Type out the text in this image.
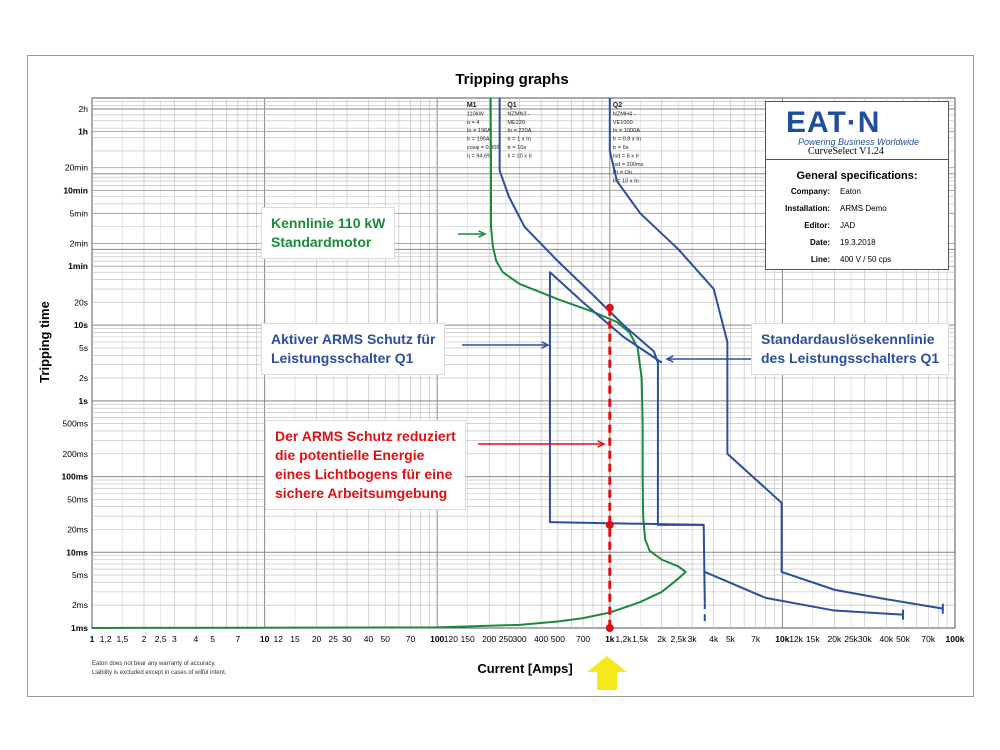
Tripping graphs
1 1,2 1,5 2 2,5 3 4 5 7 10 12 15 20 25 30 40 50 70 100 120 150 200 250 300 400 500 700 1k 1,2k 1,5k 2k 2,5k 3k 4k 5k 7k 10k 12k 15k 20k 25k 30k 40k 50k 70k 100k
1ms
2ms
5ms
10ms
20ms
50ms
100ms
200ms
500ms
1s
2s
5s
10s
20s
1min
2min
5min
10min
20min
1h
2h	M1
110kW
ɑ = 4
In = 196A
Ir = 195A
cosφ = 0.858
η = 94.6%
Q1
NZMN3 -
ME220
In = 220A
Ir = 1 x In
tr = 10s
Ii = 10 x Ir
Q2
NZMH4 -
VE1000
In = 1000A
Ir = 0.8 x In
tr = 6s
Isd = 6 x Ir
tsd = 200ms
Pt = On
Ii = 10 x In
Current [Amps]
Tripping time
Eaton does not bear any warranty of accuracy.
Liability is excluded except in cases of wilful intent.
Kennlinie 110 kW
Standardmotor
Aktiver ARMS Schutz für
Leistungsschalter Q1
Standardauslösekennlinie
des Leistungsschalters Q1
Der ARMS Schutz reduziert
die potentielle Energie
eines Lichtbogens für eine
sichere Arbeitsumgebung
EAT·N
Powering Business Worldwide
CurveSelect V1.24
General specifications:
Company: Eaton
Installation: ARMS Demo
Editor: JAD
Date: 19.3.2018
Line: 400 V / 50 cps
